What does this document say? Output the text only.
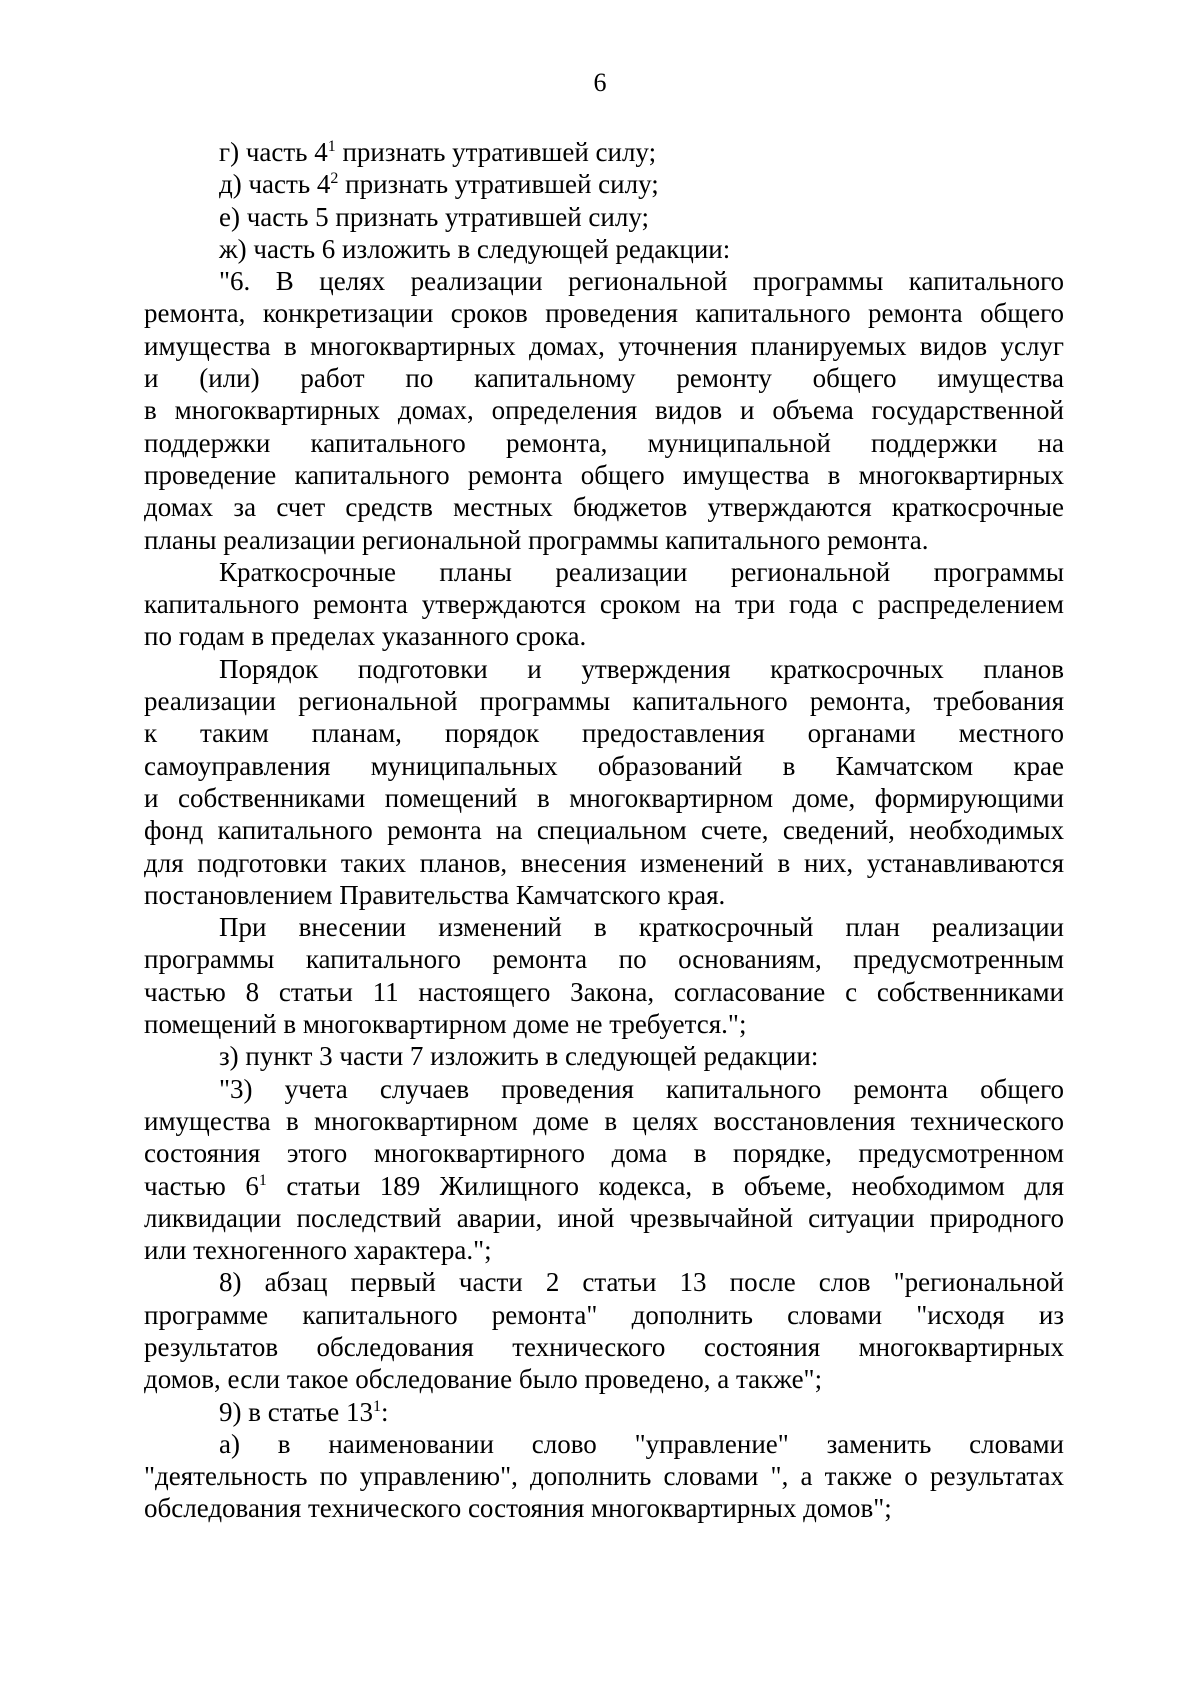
6
г) часть $4^1$ признать утратившей силу;
д) часть $4^2$ признать утратившей силу;
е) часть 5 признать утратившей силу;
ж) часть 6 изложить в следующей редакции:
"6. В целях реализации региональной программы капитального
ремонта, конкретизации сроков проведения капитального ремонта общего
имущества в многоквартирных домах, уточнения планируемых видов услуг
и (или) работ по капитальному ремонту общего имущества
в многоквартирных домах, определения видов и объема государственной
поддержки капитального ремонта, муниципальной поддержки на
проведение капитального ремонта общего имущества в многоквартирных
домах за счет средств местных бюджетов утверждаются краткосрочные
планы реализации региональной программы капитального ремонта.
Краткосрочные планы реализации региональной программы
капитального ремонта утверждаются сроком на три года с распределением
по годам в пределах указанного срока.
Порядок подготовки и утверждения краткосрочных планов
реализации региональной программы капитального ремонта, требования
к таким планам, порядок предоставления органами местного
самоуправления муниципальных образований в Камчатском крае
и собственниками помещений в многоквартирном доме, формирующими
фонд капитального ремонта на специальном счете, сведений, необходимых
для подготовки таких планов, внесения изменений в них, устанавливаются
постановлением Правительства Камчатского края.
При внесении изменений в краткосрочный план реализации
программы капитального ремонта по основаниям, предусмотренным
частью 8 статьи 11 настоящего Закона, согласование с собственниками
помещений в многоквартирном доме не требуется.";
з) пункт 3 части 7 изложить в следующей редакции:
"3) учета случаев проведения капитального ремонта общего
имущества в многоквартирном доме в целях восстановления технического
состояния этого многоквартирного дома в порядке, предусмотренном
частью $6^1$ статьи 189 Жилищного кодекса, в объеме, необходимом для
ликвидации последствий аварии, иной чрезвычайной ситуации природного
или техногенного характера.";
8) абзац первый части 2 статьи 13 после слов "региональной
программе капитального ремонта" дополнить словами "исходя из
результатов обследования технического состояния многоквартирных
домов, если такое обследование было проведено, а также";
9) в статье $13^1$:
а) в наименовании слово "управление" заменить словами
"деятельность по управлению", дополнить словами ", а также о результатах
обследования технического состояния многоквартирных домов";
